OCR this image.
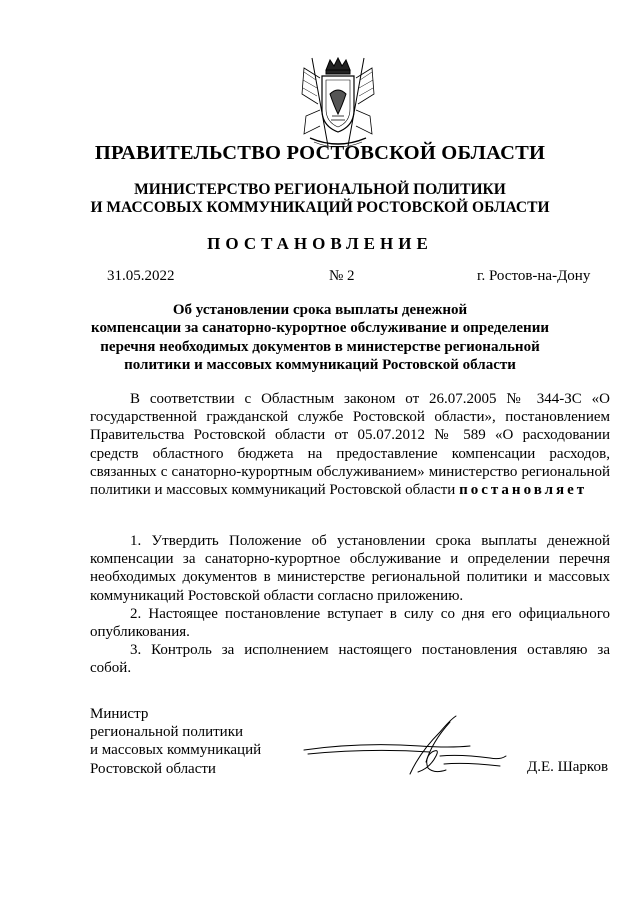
ПРАВИТЕЛЬСТВО РОСТОВСКОЙ ОБЛАСТИ
МИНИСТЕРСТВО РЕГИОНАЛЬНОЙ ПОЛИТИКИ
И МАССОВЫХ КОММУНИКАЦИЙ РОСТОВСКОЙ ОБЛАСТИ
ПОСТАНОВЛЕНИЕ
31.05.2022	№ 2	г. Ростов-на-Дону
Об установлении срока выплаты денежной
компенсации за санаторно-курортное обслуживание и определении
перечня необходимых документов в министерстве региональной
политики и массовых коммуникаций Ростовской области

В соответствии с Областным законом от 26.07.2005 № 344-ЗС «О государственной гражданской службе Ростовской области», постановлением Правительства Ростовской области от 05.07.2012 № 589 «О расходовании средств областного бюджета на предоставление компенсации расходов, связанных с санаторно-курортным обслуживанием» министерство региональной политики и массовых коммуникаций Ростовской области постановляет

1. Утвердить Положение об установлении срока выплаты денежной компенсации за санаторно-курортное обслуживание и определении перечня необходимых документов в министерстве региональной политики и массовых коммуникаций Ростовской области согласно приложению.

2. Настоящее постановление вступает в силу со дня его официального опубликования.

3. Контроль за исполнением настоящего постановления оставляю за собой.

Министр
региональной политики
и массовых коммуникаций
Ростовской области	Д.Е. Шарков
